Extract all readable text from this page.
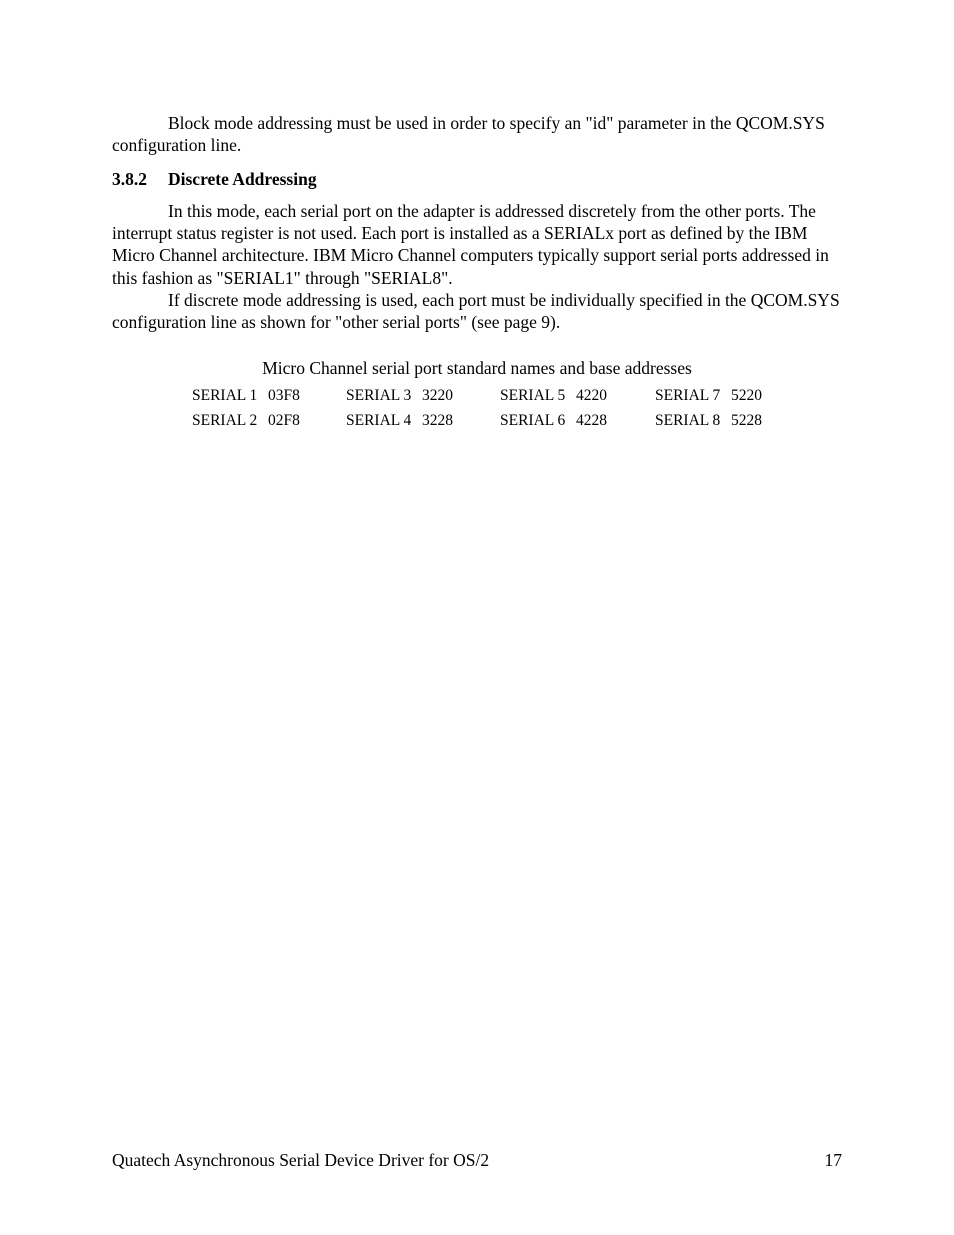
Block mode addressing must be used in order to specify an "id" parameter in the QCOM.SYS configuration line.

3.8.2 Discrete Addressing

In this mode, each serial port on the adapter is addressed discretely from the other ports. The interrupt status register is not used. Each port is installed as a SERIALx port as defined by the IBM Micro Channel architecture. IBM Micro Channel computers typically support serial ports addressed in this fashion as "SERIAL1" through "SERIAL8".

If discrete mode addressing is used, each port must be individually specified in the QCOM.SYS configuration line as shown for "other serial ports" (see page 9).

Micro Channel serial port standard names and base addresses
SERIAL 1 03F8	SERIAL 3 3220	SERIAL 5 4220	SERIAL 7 5220
SERIAL 2 02F8	SERIAL 4 3228	SERIAL 6 4228	SERIAL 8 5228
Quatech Asynchronous Serial Device Driver for OS/2	17
